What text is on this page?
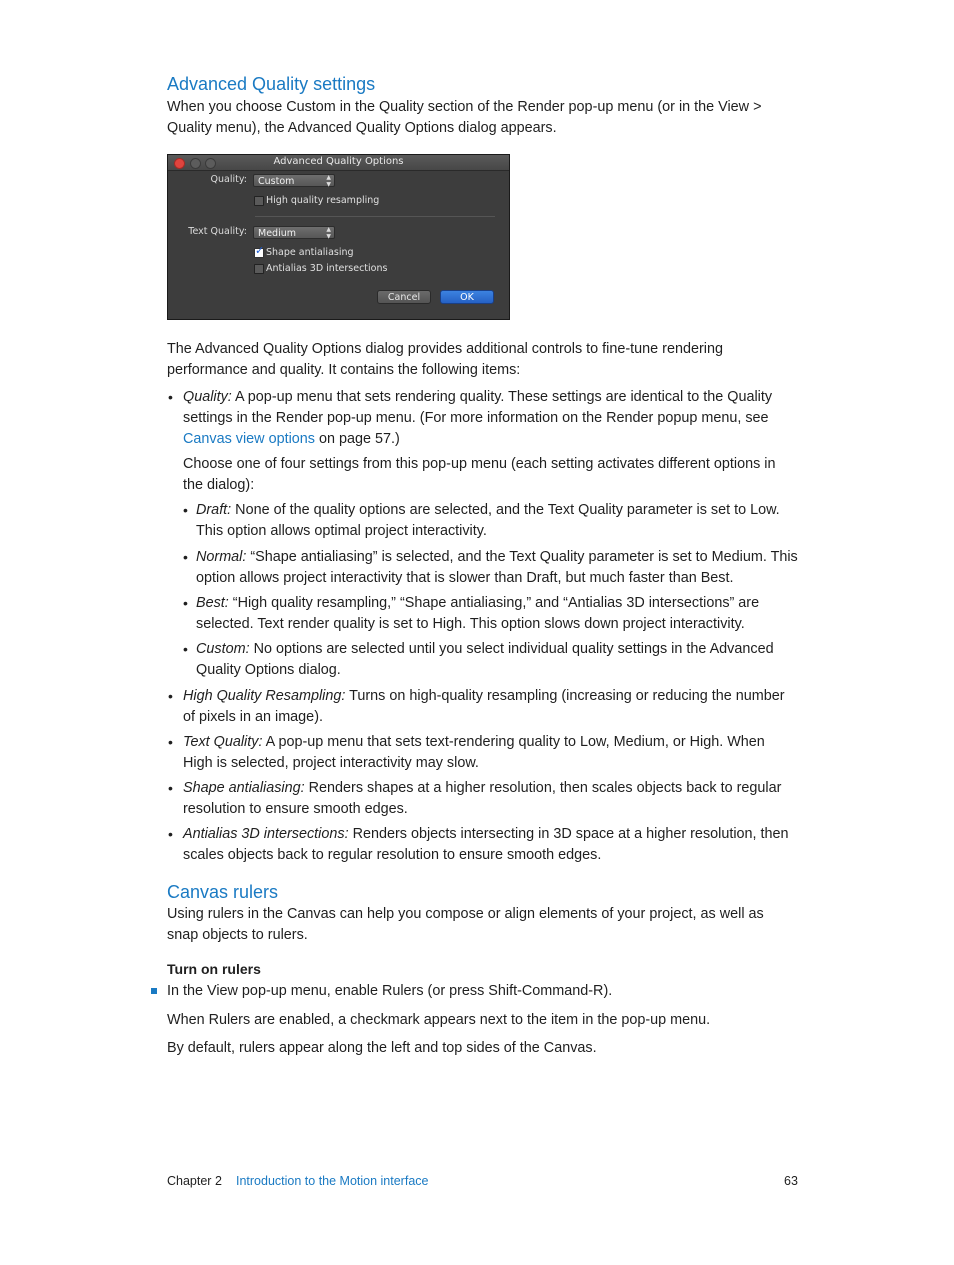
Advanced Quality settings

When you choose Custom in the Quality section of the Render pop-up menu (or in the View >
Quality menu), the Advanced Quality Options dialog appears.

Advanced Quality Options
Quality:	Custom	▲
▼
High quality resampling
Text Quality:	Medium	▲
▼
✓ Shape antialiasing
Antialias 3D intersections
Cancel	OK

The Advanced Quality Options dialog provides additional controls to fine-tune rendering
performance and quality. It contains the following items:

• Quality: A pop-up menu that sets rendering quality. These settings are identical to the Quality
settings in the Render pop-up menu. (For more information on the Render popup menu, see
Canvas view options on page 57.)

Choose one of four settings from this pop-up menu (each setting activates different options in
the dialog):

• Draft: None of the quality options are selected, and the Text Quality parameter is set to Low.
This option allows optimal project interactivity.

• Normal: “Shape antialiasing” is selected, and the Text Quality parameter is set to Medium. This
option allows project interactivity that is slower than Draft, but much faster than Best.

• Best: “High quality resampling,” “Shape antialiasing,” and “Antialias 3D intersections” are
selected. Text render quality is set to High. This option slows down project interactivity.

• Custom: No options are selected until you select individual quality settings in the Advanced
Quality Options dialog.

• High Quality Resampling: Turns on high-quality resampling (increasing or reducing the number
of pixels in an image).

• Text Quality: A pop-up menu that sets text-rendering quality to Low, Medium, or High. When
High is selected, project interactivity may slow.

• Shape antialiasing: Renders shapes at a higher resolution, then scales objects back to regular
resolution to ensure smooth edges.

• Antialias 3D intersections: Renders objects intersecting in 3D space at a higher resolution, then
scales objects back to regular resolution to ensure smooth edges.

Canvas rulers

Using rulers in the Canvas can help you compose or align elements of your project, as well as
snap objects to rulers.

Turn on rulers

In the View pop-up menu, enable Rulers (or press Shift-Command-R).

When Rulers are enabled, a checkmark appears next to the item in the pop-up menu.

By default, rulers appear along the left and top sides of the Canvas.

Chapter 2 Introduction to the Motion interface	63
